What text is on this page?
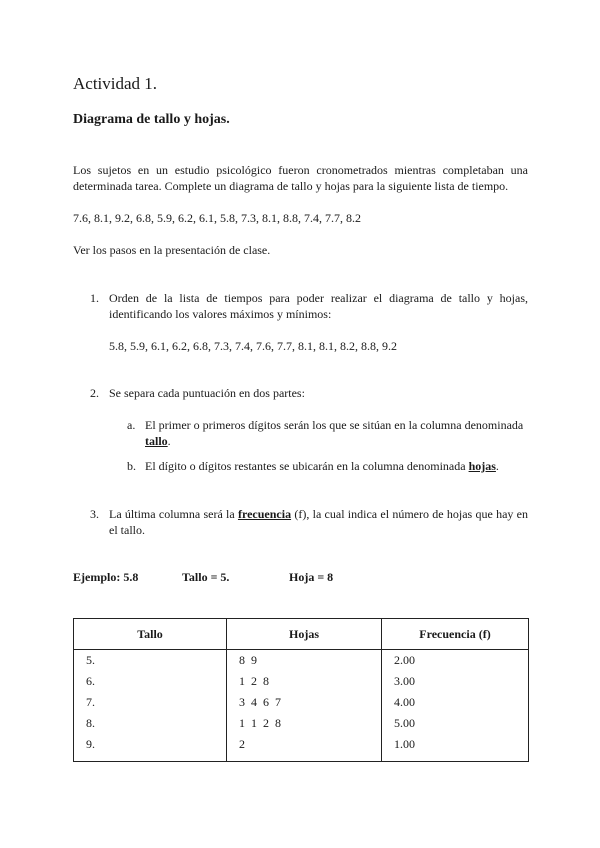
Actividad 1.
Diagrama de tallo y hojas.
Los sujetos en un estudio psicológico fueron cronometrados mientras completaban una determinada tarea. Complete un diagrama de tallo y hojas para la siguiente lista de tiempo.
7.6, 8.1, 9.2, 6.8, 5.9, 6.2, 6.1, 5.8, 7.3, 8.1, 8.8, 7.4, 7.7, 8.2
Ver los pasos en la presentación de clase.
1. Orden de la lista de tiempos para poder realizar el diagrama de tallo y hojas, identificando los valores máximos y mínimos:
5.8, 5.9, 6.1, 6.2, 6.8, 7.3, 7.4, 7.6, 7.7, 8.1, 8.1, 8.2, 8.8, 9.2
2. Se separa cada puntuación en dos partes:
a. El primer o primeros dígitos serán los que se sitúan en la columna denominada tallo.
b. El dígito o dígitos restantes se ubicarán en la columna denominada hojas.
3. La última columna será la frecuencia (f), la cual indica el número de hojas que hay en el tallo.
Ejemplo: 5.8	Tallo = 5.	Hoja = 8
Tallo	Hojas	Frecuencia (f)
5.	8  9	2.00
6.	1  2  8	3.00
7.	3  4  6  7	4.00
8.	1  1  2  8	5.00
9.	2	1.00
